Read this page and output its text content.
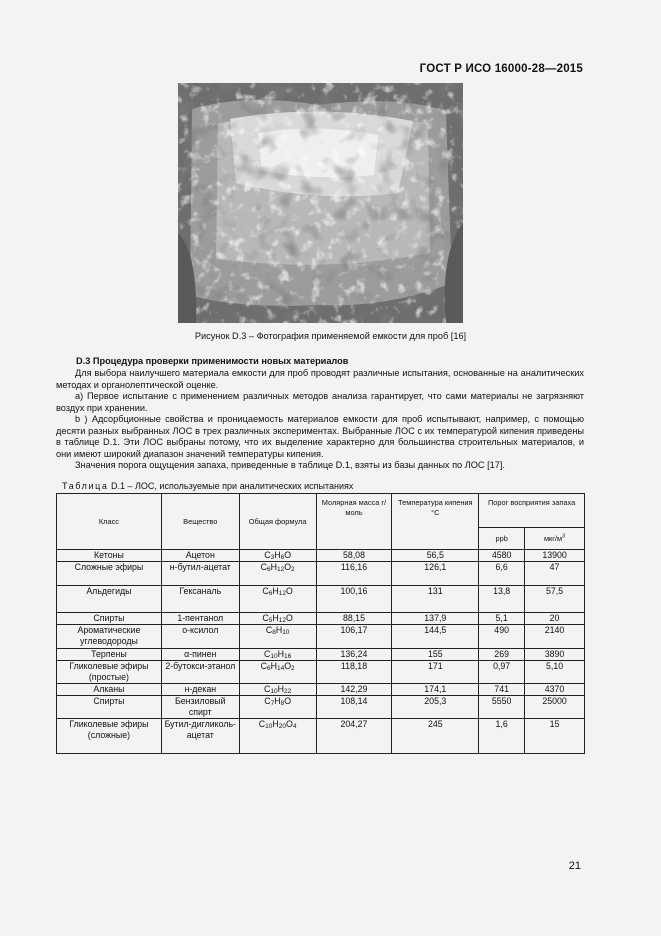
ГОСТ Р ИСО 16000-28—2015
Рисунок D.3 – Фотография применяемой емкости для проб [16]
D.3 Процедура проверки применимости новых материалов
Для выбора наилучшего материала емкости для проб проводят различные испытания, основанные на аналитических методах и органолептической оценке.
a) Первое испытание с применением различных методов анализа гарантирует, что сами материалы не загрязняют воздух при хранении.
b ) Адсорбционные свойства и проницаемость материалов емкости для проб испытывают, например, с помощью десяти разных выбранных ЛОС в трех различных экспериментах. Выбранные ЛОС с их температурой кипения приведены в таблице D.1. Эти ЛОС выбраны потому, что их выделение характерно для большинства строительных материалов, и они имеют широкий диапазон значений температуры кипения.
Значения порога ощущения запаха, приведенные в таблице D.1, взяты из базы данных по ЛОС [17].
Таблица D.1 – ЛОС, используемые при аналитических испытаниях
Класс	Вещество	Общая формула	Молярная масса г/моль	Температура кипения °С	Порог восприятия запаха	
					ppb	мкг/$м^3$
Кетоны	Ацетон	$C_3H_6O$	58,08	56,5	4580	13900
Сложные эфиры	н-бутил-ацетат	$C_6H_{12}O_2$	116,16	126,1	6,6	47
Альдегиды	Гексаналь	$C_6H_{12}O$	100,16	131	13,8	57,5
Спирты	1-пентанол	$C_5H_{12}O$	88,15	137,9	5,1	20
Ароматические углеводороды	о-ксилол	$C_8H_{10}$	106,17	144,5	490	2140
Терпены	α-пинен	$C_{10}H_{16}$	136,24	155	269	3890
Гликолевые эфиры (простые)	2-бутокси-этанол	$C_6H_{14}O_2$	118,18	171	0,97	5,10
Алканы	н-декан	$C_{10}H_{22}$	142,29	174,1	741	4370
Спирты	Бензиловый спирт	$C_7H_8O$	108,14	205,3	5550	25000
Гликолевые эфиры (сложные)	Бутил-дигликоль-ацетат	$C_{10}H_{20}O_4$	204,27	245	1,6	15
21
